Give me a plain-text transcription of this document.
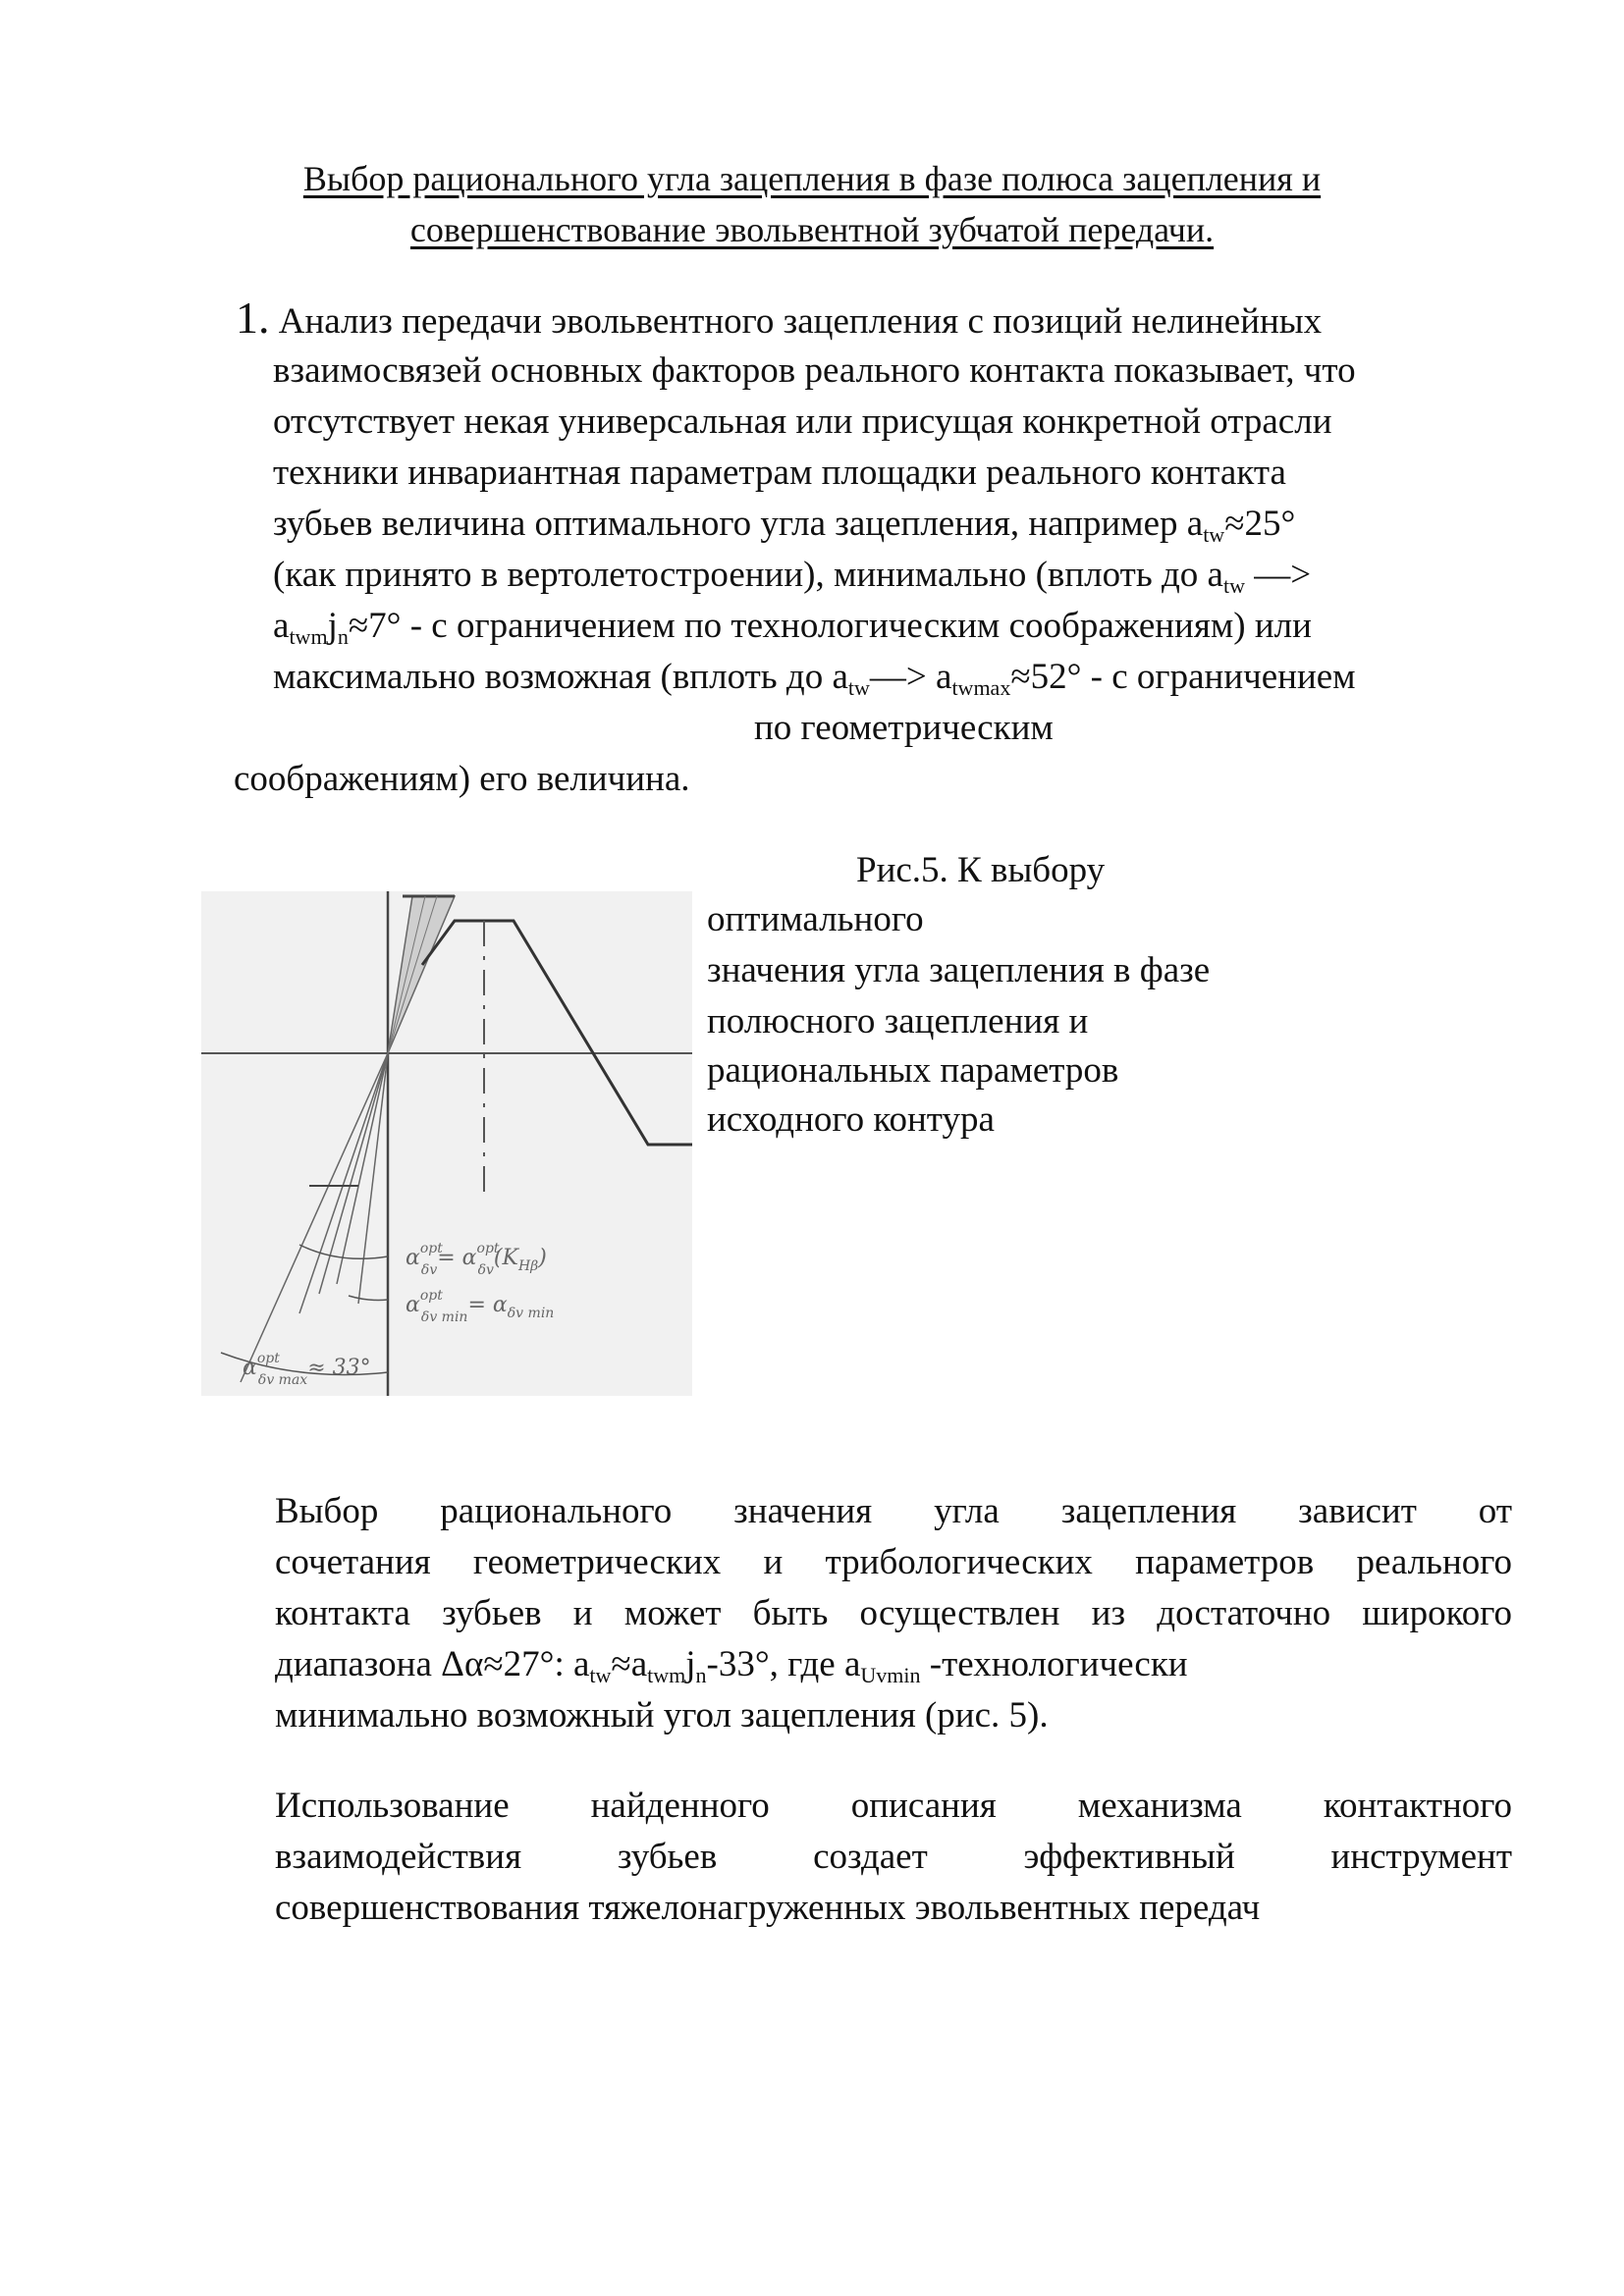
Выбор рационального угла зацепления в фазе полюса зацепления и
совершенствование эвольвентной зубчатой передачи.
1. Анализ передачи эвольвентного зацепления с позиций нелинейных
взаимосвязей основных факторов реального контакта показывает, что
отсутствует некая универсальная или присущая конкретной отрасли
техники инвариантная параметрам площадки реального контакта
зубьев величина оптимального угла зацепления, например $a_{tw}\approx 25^\circ$
(как принято в вертолетостроении), минимально (вплоть до $a_{tw}$ —>
$a_{twm}j_n\approx 7^\circ - с$ ограничением по технологическим соображениям) или
максимально возможная (вплоть до $a_{tw}—> a_{twmax}\approx 52^\circ - с$ ограничением
по геометрическим
соображениям) его величина.
Рис.5. К выбору
оптимального
значения угла зацепления в фазе
полюсного зацепления и
рациональных параметров
исходного контура
$\alpha^{opt}$ $\delta v= \alpha^{opt}$ $\delta v(K_{H\beta})$
$\alpha^{opt}$ δv $\min= \alpha_{\delta v min}$
$\alpha^{opt}$ δv max≈ 33°
Выбор рационального значения угла зацепления зависит от
сочетания геометрических и трибологических параметров реального
контакта зубьев и может быть осуществлен из достаточно широкого
диапазона Δα≈27°: $a_{tw}\approx a_{twm}j_n-33^\circ$, где $a_{Uvmin}$ -технологически
минимально возможный угол зацепления (рис. 5).
Использование найденного описания механизма контактного
взаимодействия зубьев создает эффективный инструмент
совершенствования тяжелонагруженных эвольвентных передач
